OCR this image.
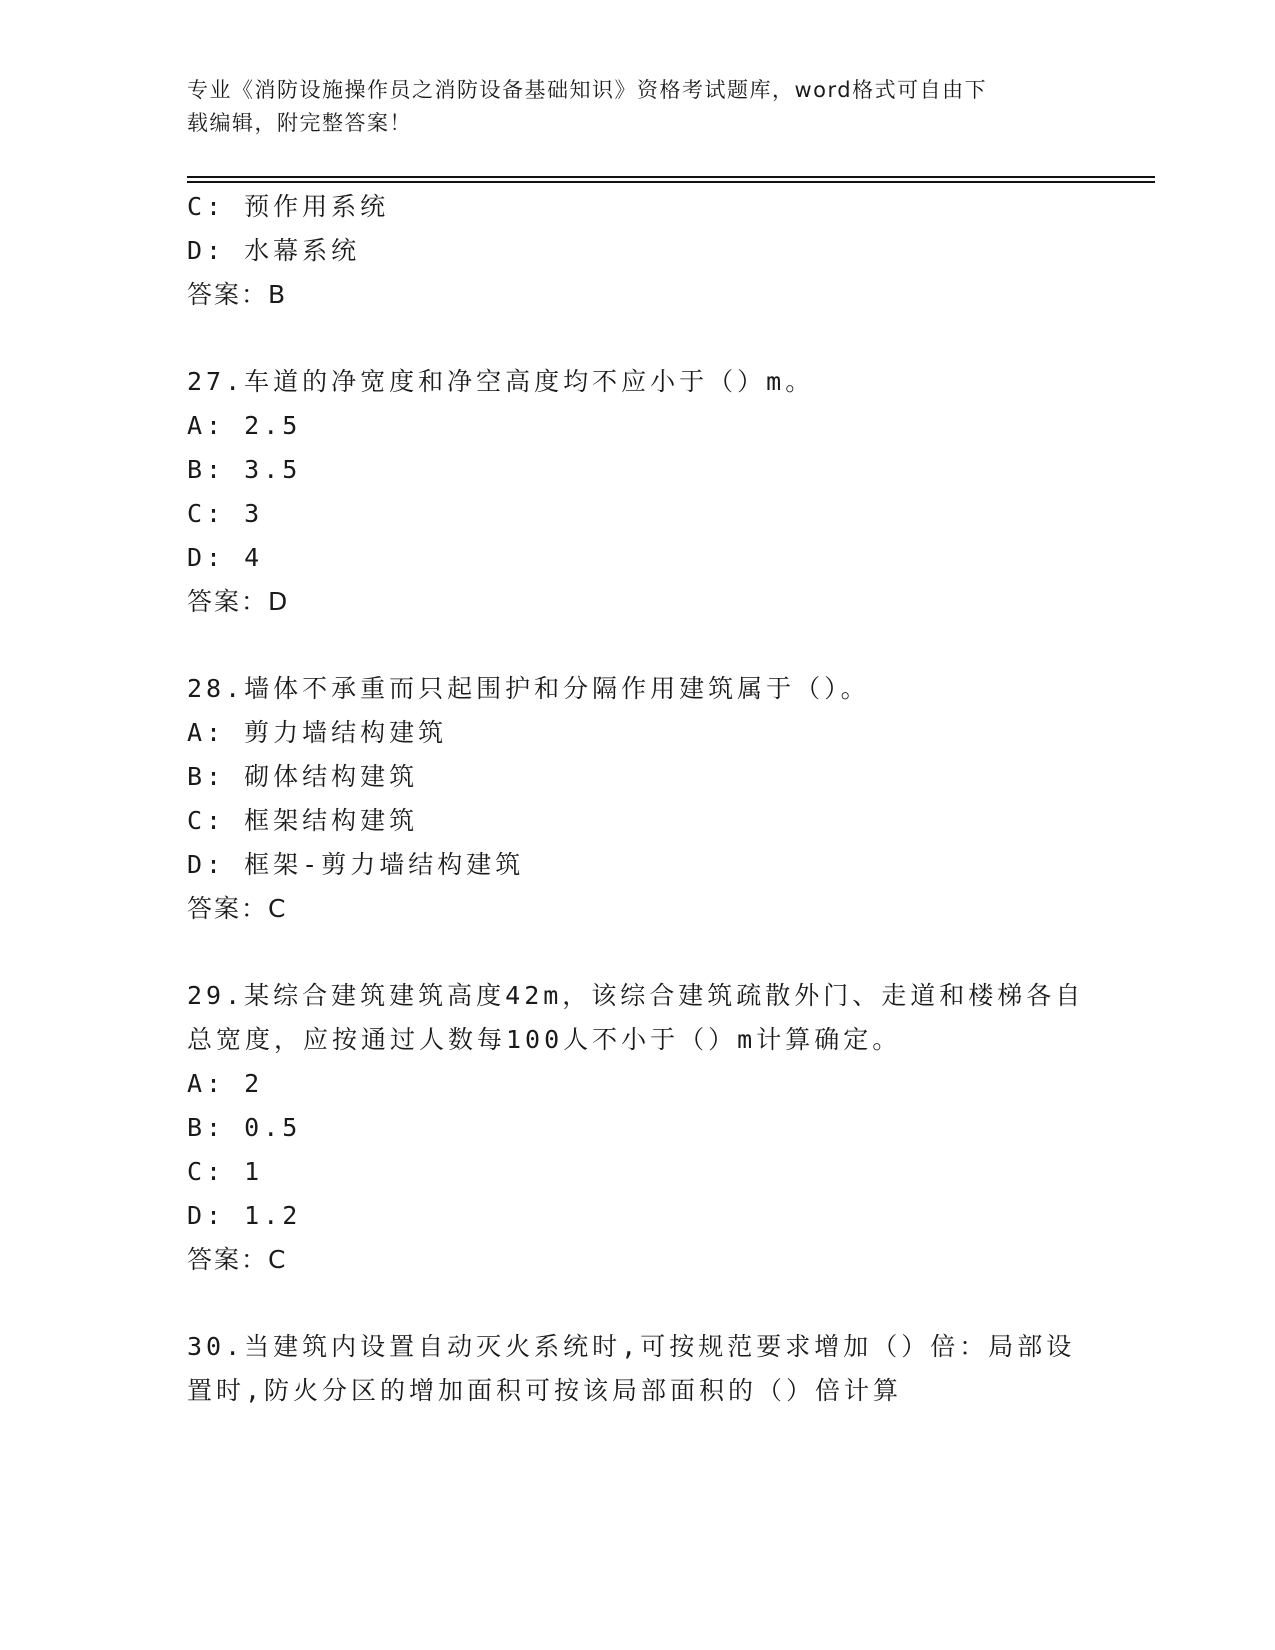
专业《消防设施操作员之消防设备基础知识》资格考试题库，word格式可自由下
载编辑，附完整答案！
C: 预作用系统
D: 水幕系统
答案：B
27.车道的净宽度和净空高度均不应小于（）m。
A: 2.5
B: 3.5
C: 3
D: 4
答案：D
28.墙体不承重而只起围护和分隔作用建筑属于（）。
A: 剪力墙结构建筑
B: 砌体结构建筑
C: 框架结构建筑
D: 框架-剪力墙结构建筑
答案：C
29.某综合建筑建筑高度42m，该综合建筑疏散外门、走道和楼梯各自
总宽度，应按通过人数每100人不小于（）m计算确定。
A: 2
B: 0.5
C: 1
D: 1.2
答案：C
30.当建筑内设置自动灭火系统时,可按规范要求增加（）倍：局部设
置时,防火分区的增加面积可按该局部面积的（）倍计算
